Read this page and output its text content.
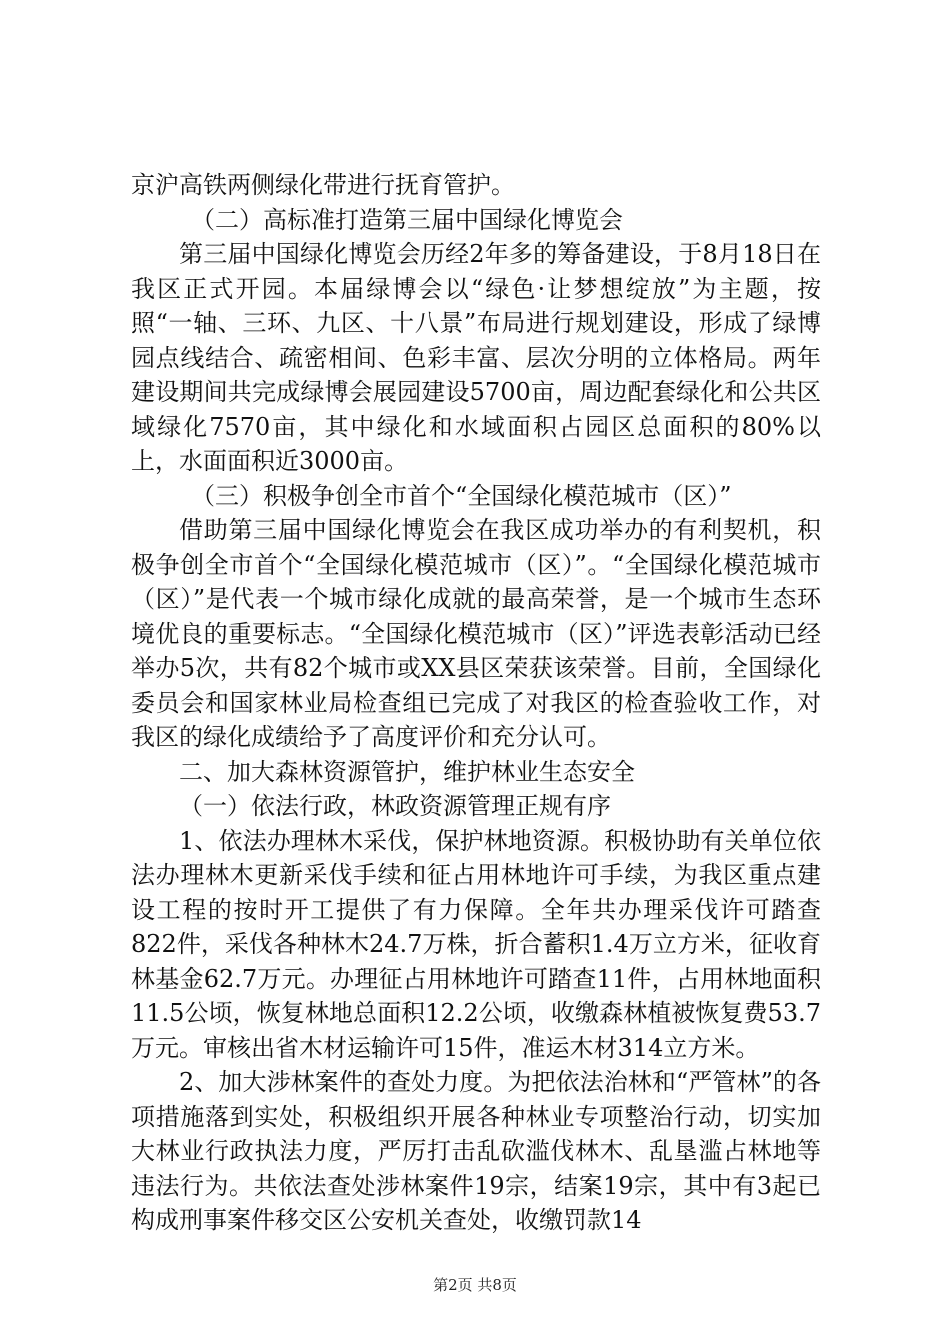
京沪高铁两侧绿化带进行抚育管护。

（二）高标准打造第三届中国绿化博览会

第三届中国绿化博览会历经2年多的筹备建设，于8月18日在我区正式开园。本届绿博会以“绿色·让梦想绽放”为主题，按照“一轴、三环、九区、十八景”布局进行规划建设，形成了绿博园点线结合、疏密相间、色彩丰富、层次分明的立体格局。两年建设期间共完成绿博会展园建设5700亩，周边配套绿化和公共区域绿化7570亩，其中绿化和水域面积占园区总面积的80%以上，水面面积近3000亩。

（三）积极争创全市首个“全国绿化模范城市（区）”

借助第三届中国绿化博览会在我区成功举办的有利契机，积极争创全市首个“全国绿化模范城市（区）”。“全国绿化模范城市（区）”是代表一个城市绿化成就的最高荣誉，是一个城市生态环境优良的重要标志。“全国绿化模范城市（区）”评选表彰活动已经举办5次，共有82个城市或XX县区荣获该荣誉。目前，全国绿化委员会和国家林业局检查组已完成了对我区的检查验收工作，对我区的绿化成绩给予了高度评价和充分认可。

二、加大森林资源管护，维护林业生态安全

（一）依法行政，林政资源管理正规有序

1、依法办理林木采伐，保护林地资源。积极协助有关单位依法办理林木更新采伐手续和征占用林地许可手续，为我区重点建设工程的按时开工提供了有力保障。全年共办理采伐许可踏查822件，采伐各种林木24.7万株，折合蓄积1.4万立方米，征收育林基金62.7万元。办理征占用林地许可踏查11件，占用林地面积11.5公顷，恢复林地总面积12.2公顷，收缴森林植被恢复费53.7万元。审核出省木材运输许可15件，准运木材314立方米。

2、加大涉林案件的查处力度。为把依法治林和“严管林”的各项措施落到实处，积极组织开展各种林业专项整治行动，切实加大林业行政执法力度，严厉打击乱砍滥伐林木、乱垦滥占林地等违法行为。共依法查处涉林案件19宗，结案19宗，其中有3起已构成刑事案件移交区公安机关查处，收缴罚款14

第2页 共8页
